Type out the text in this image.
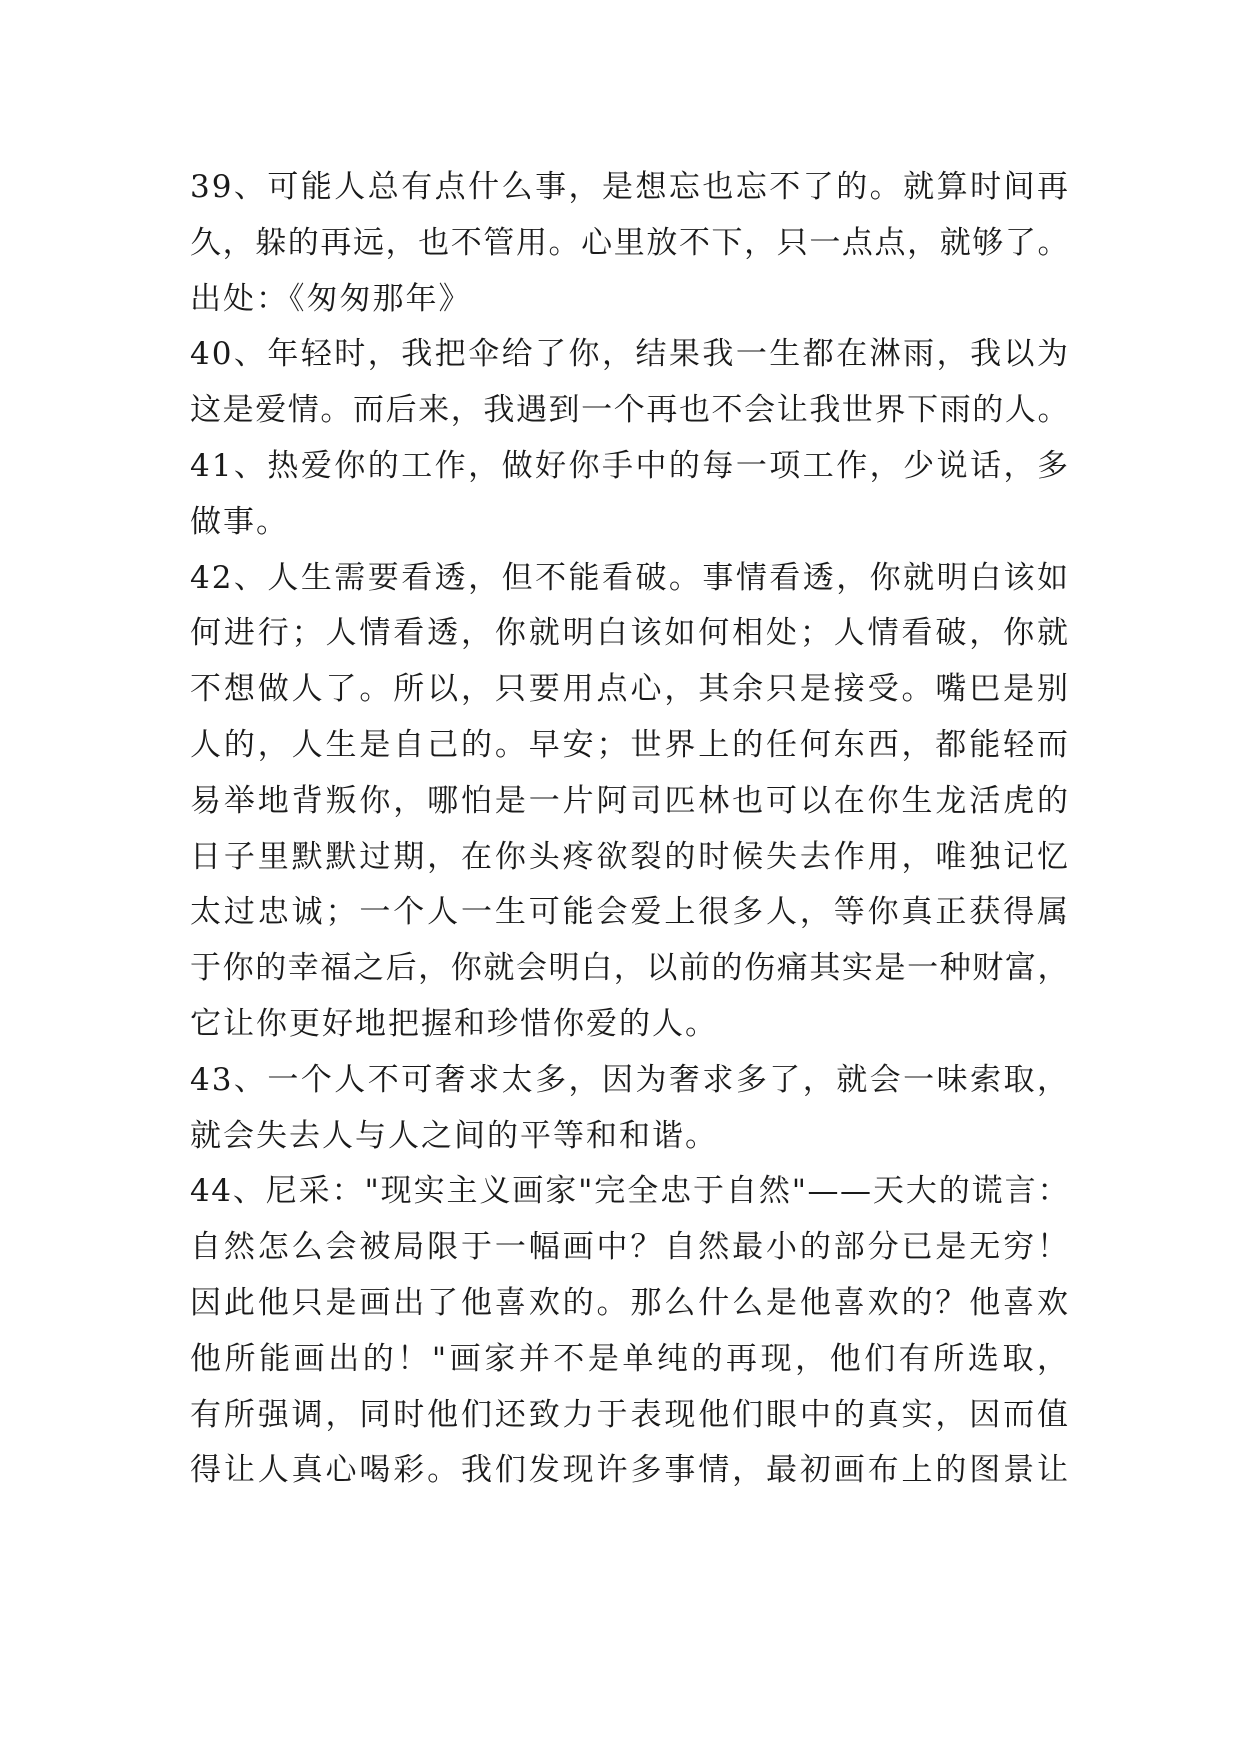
39、可能人总有点什么事，是想忘也忘不了的。就算时间再
久，躲的再远，也不管用。心里放不下，只一点点，就够了。
出处：《匆匆那年》
40、年轻时，我把伞给了你，结果我一生都在淋雨，我以为
这是爱情。而后来，我遇到一个再也不会让我世界下雨的人。
41、热爱你的工作，做好你手中的每一项工作，少说话，多
做事。
42、人生需要看透，但不能看破。事情看透，你就明白该如
何进行；人情看透，你就明白该如何相处；人情看破，你就
不想做人了。所以，只要用点心，其余只是接受。嘴巴是别
人的，人生是自己的。早安；世界上的任何东西，都能轻而
易举地背叛你，哪怕是一片阿司匹林也可以在你生龙活虎的
日子里默默过期，在你头疼欲裂的时候失去作用，唯独记忆
太过忠诚；一个人一生可能会爱上很多人，等你真正获得属
于你的幸福之后，你就会明白，以前的伤痛其实是一种财富，
它让你更好地把握和珍惜你爱的人。
43、一个人不可奢求太多，因为奢求多了，就会一味索取，
就会失去人与人之间的平等和和谐。
44、尼采："现实主义画家"完全忠于自然"——天大的谎言：
自然怎么会被局限于一幅画中？自然最小的部分已是无穷！
因此他只是画出了他喜欢的。那么什么是他喜欢的？他喜欢
他所能画出的！"画家并不是单纯的再现，他们有所选取，
有所强调，同时他们还致力于表现他们眼中的真实，因而值
得让人真心喝彩。我们发现许多事情，最初画布上的图景让
